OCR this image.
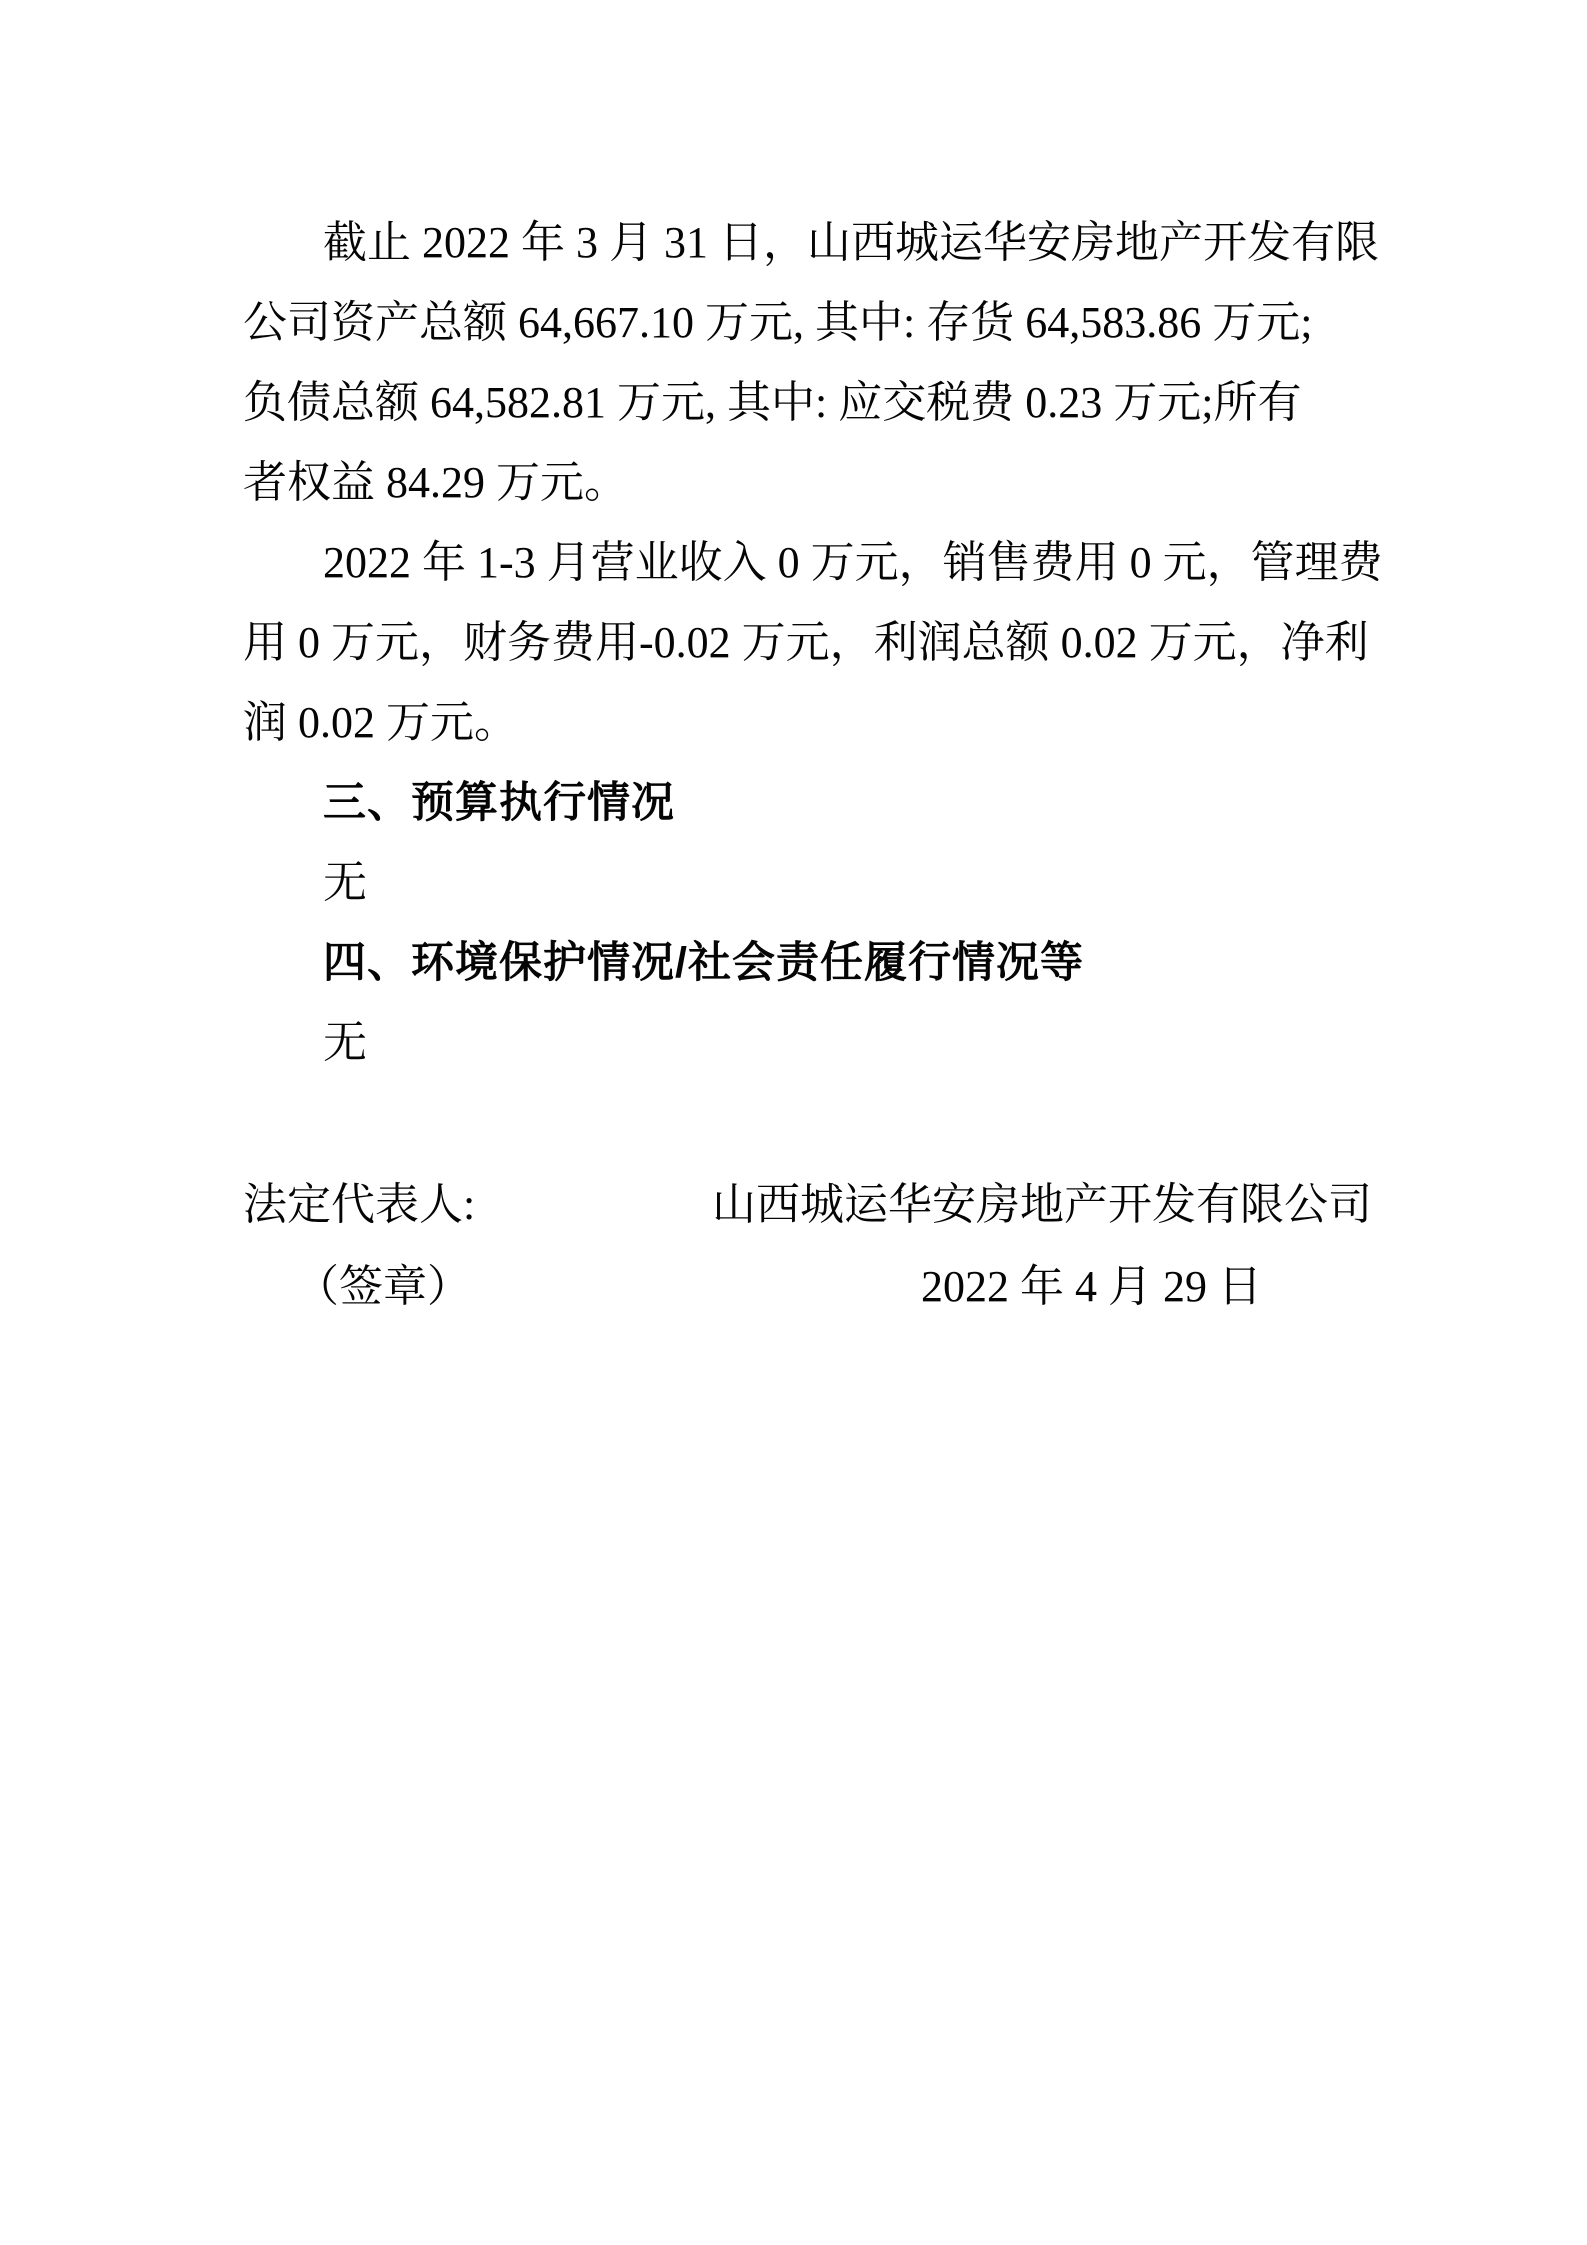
截止 2022 年 3 月 31 日，山西城运华安房地产开发有限
公司资产总额 64,667.10 万元, 其中: 存货 64,583.86 万元;
负债总额 64,582.81 万元, 其中: 应交税费 0.23 万元;所有
者权益 84.29 万元。
2022 年 1-3 月营业收入 0 万元，销售费用 0 元，管理费
用 0 万元，财务费用-0.02 万元，利润总额 0.02 万元，净利
润 0.02 万元。
三、预算执行情况
无
四、环境保护情况/社会责任履行情况等
无
法定代表人:
（签章）
山西城运华安房地产开发有限公司
2022 年 4 月 29 日
